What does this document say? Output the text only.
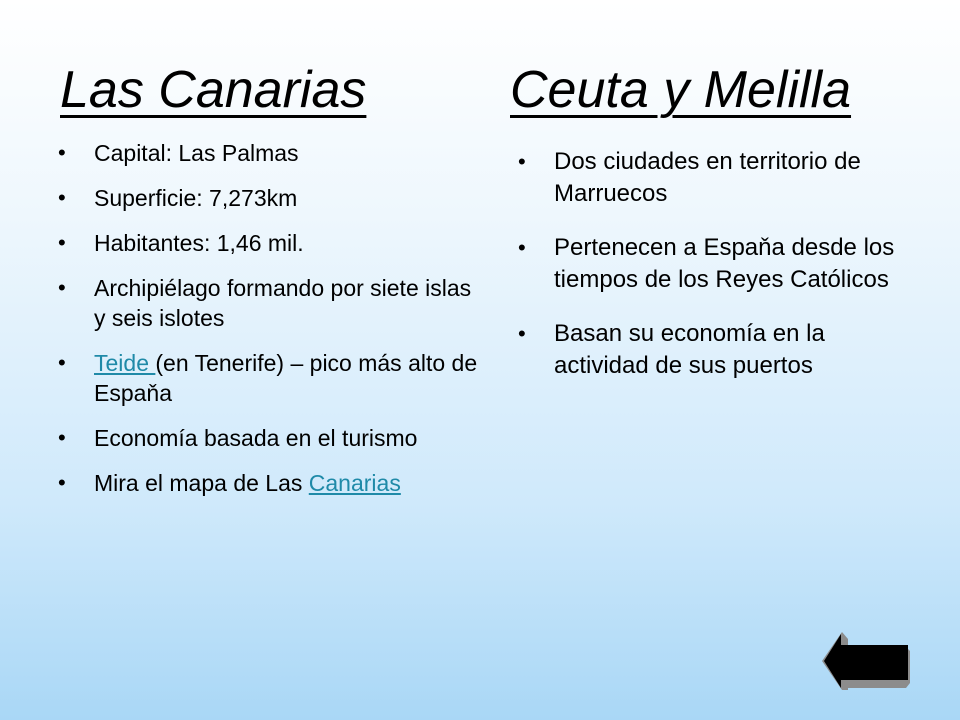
Las Canarias	Ceuta y Melilla
• Capital: Las Palmas
• Superficie: 7,273km
• Habitantes: 1,46 mil.
• Archipiélago formando por siete islas y seis islotes
• Teide (en Tenerife) – pico más alto de Espaňa
• Economía basada en el turismo
• Mira el mapa de Las Canarias
• Dos ciudades en territorio de Marruecos
• Pertenecen a Espaňa desde los tiempos de los Reyes Católicos
• Basan su economía en la actividad de sus puertos
